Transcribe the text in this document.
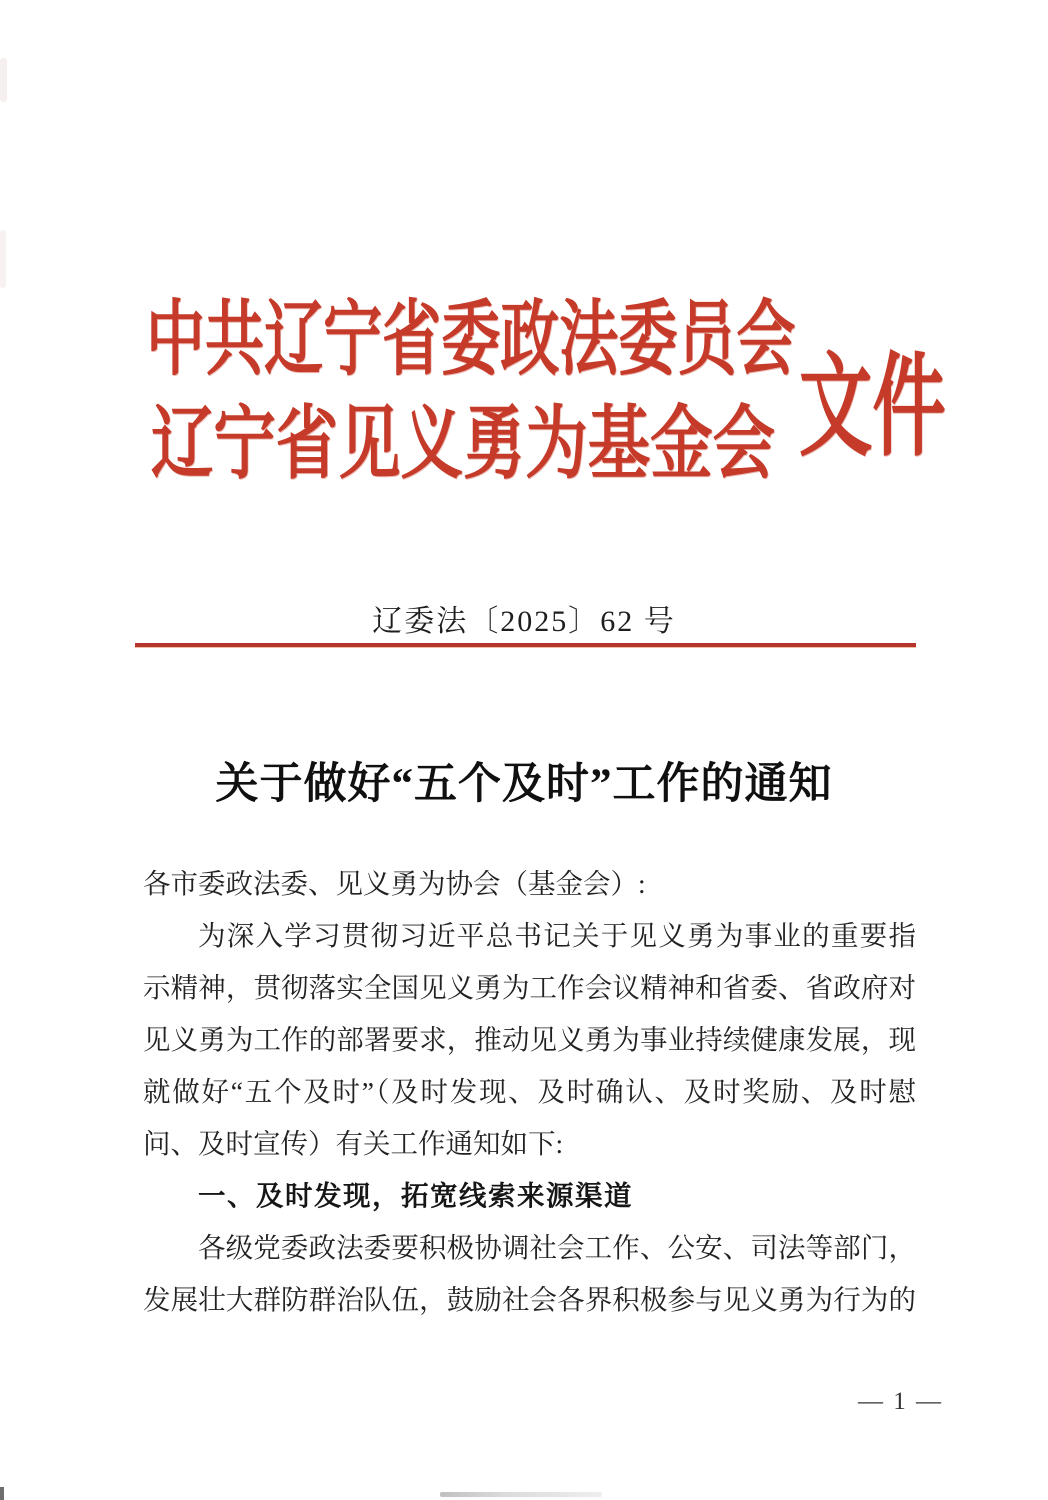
中共辽宁省委政法委员会
辽宁省见义勇为基金会 文件
辽委法〔2025〕62 号
关于做好“五个及时”工作的通知
各市委政法委、见义勇为协会（基金会）:
为深入学习贯彻习近平总书记关于见义勇为事业的重要指
示精神，贯彻落实全国见义勇为工作会议精神和省委、省政府对
见义勇为工作的部署要求，推动见义勇为事业持续健康发展，现
就做好“五个及时”（及时发现、及时确认、及时奖励、及时慰
问、及时宣传）有关工作通知如下:
一、及时发现，拓宽线索来源渠道
各级党委政法委要积极协调社会工作、公安、司法等部门，
发展壮大群防群治队伍，鼓励社会各界积极参与见义勇为行为的
— 1 —
